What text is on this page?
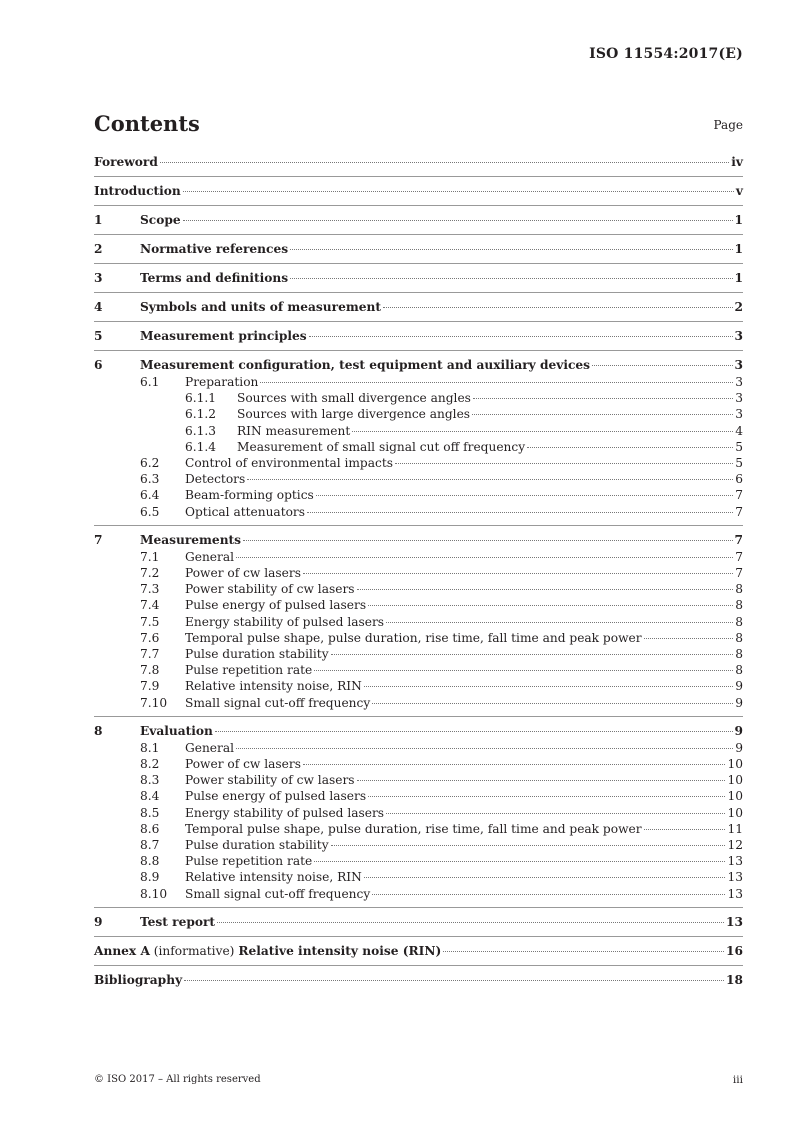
ISO 11554:2017(E)
Contents	Page
Foreword	iv
Introduction	v
1	Scope	1
2	Normative references	1
3	Terms and definitions	1
4	Symbols and units of measurement	2
5	Measurement principles	3
6	Measurement configuration, test equipment and auxiliary devices	3
6.1	Preparation	3
6.1.1	Sources with small divergence angles	3
6.1.2	Sources with large divergence angles	3
6.1.3	RIN measurement	4
6.1.4	Measurement of small signal cut off frequency	5
6.2	Control of environmental impacts	5
6.3	Detectors	6
6.4	Beam-forming optics	7
6.5	Optical attenuators	7
7	Measurements	7
7.1	General	7
7.2	Power of cw lasers	7
7.3	Power stability of cw lasers	8
7.4	Pulse energy of pulsed lasers	8
7.5	Energy stability of pulsed lasers	8
7.6	Temporal pulse shape, pulse duration, rise time, fall time and peak power	8
7.7	Pulse duration stability	8
7.8	Pulse repetition rate	8
7.9	Relative intensity noise, RIN	9
7.10	Small signal cut-off frequency	9
8	Evaluation	9
8.1	General	9
8.2	Power of cw lasers	10
8.3	Power stability of cw lasers	10
8.4	Pulse energy of pulsed lasers	10
8.5	Energy stability of pulsed lasers	10
8.6	Temporal pulse shape, pulse duration, rise time, fall time and peak power	11
8.7	Pulse duration stability	12
8.8	Pulse repetition rate	13
8.9	Relative intensity noise, RIN	13
8.10	Small signal cut-off frequency	13
9	Test report	13
Annex A (informative) Relative intensity noise (RIN)	16
Bibliography	18
© ISO 2017 – All rights reserved	iii
